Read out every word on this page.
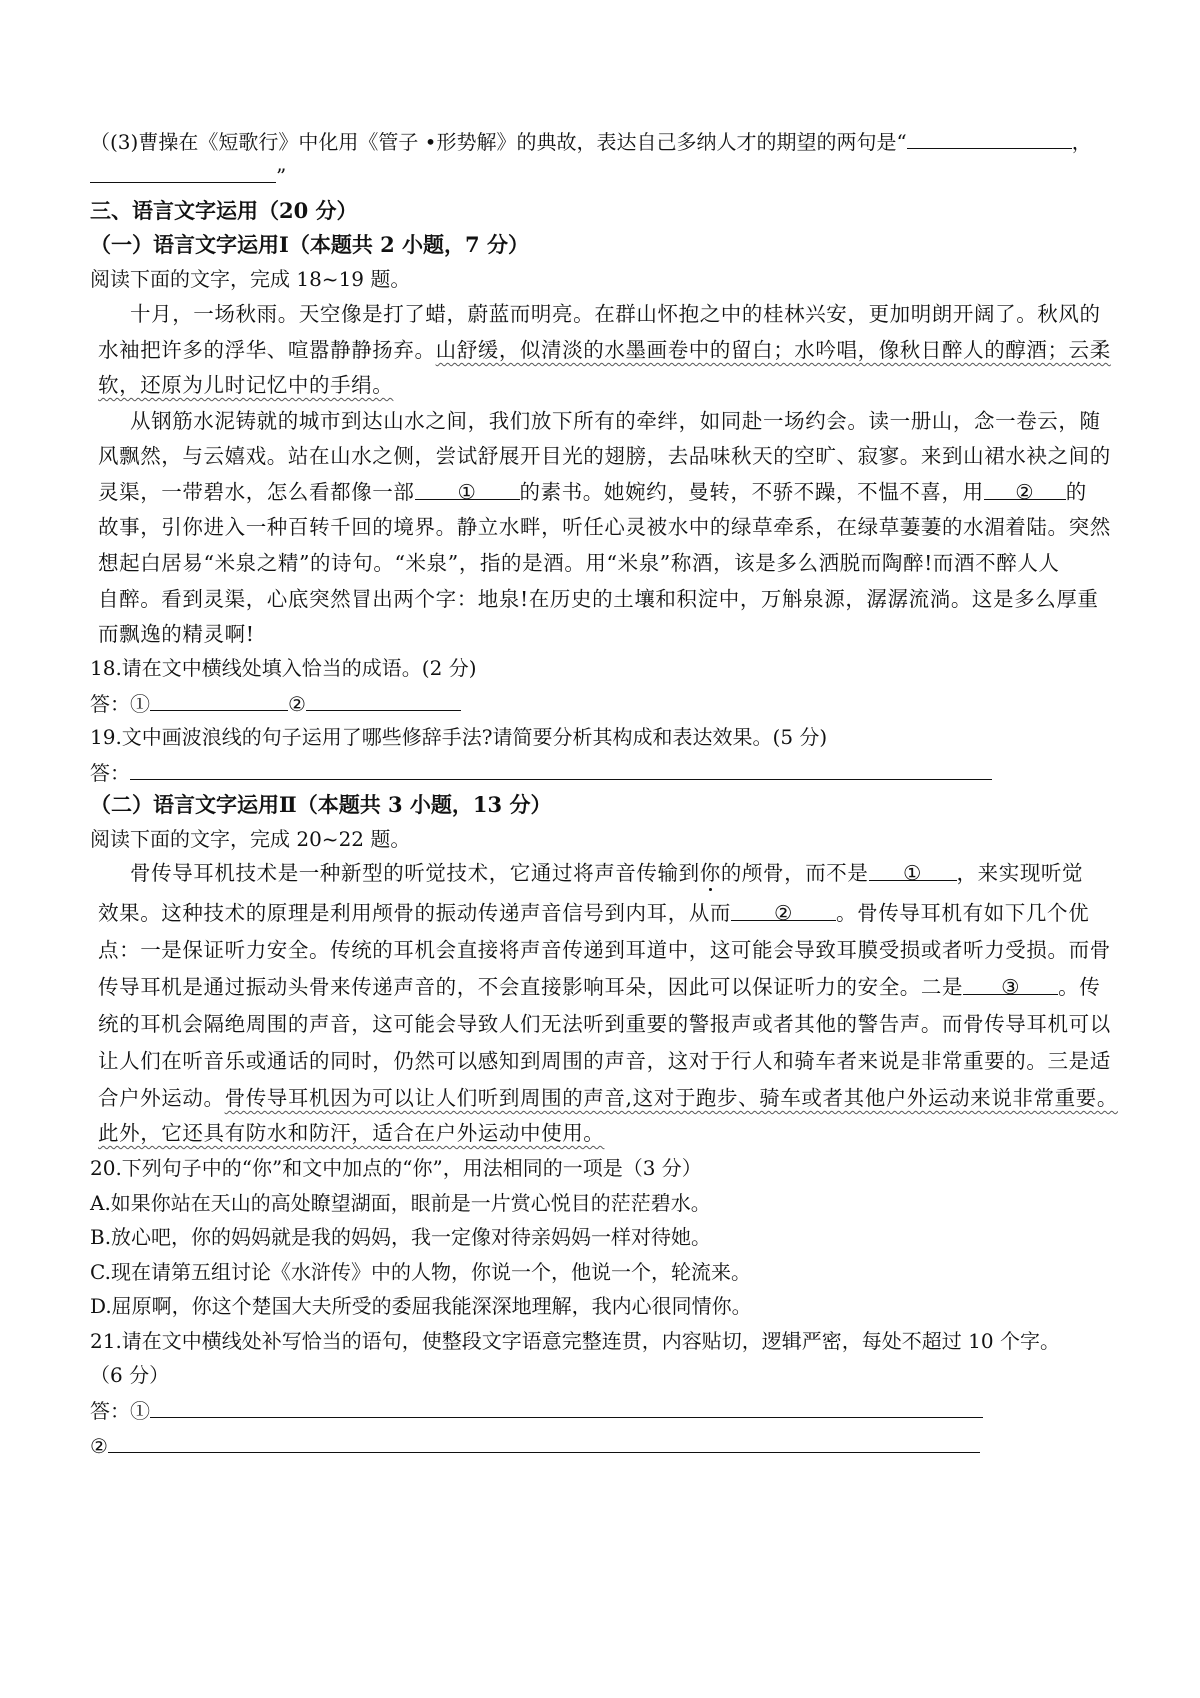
（(3)曹操在《短歌行》中化用《管子 •形势解》的典故，表达自己多纳人才的期望的两句是“	，
”
三、语言文字运用（20 分）
（一）语言文字运用Ⅰ（本题共 2 小题，7 分）
阅读下面的文字，完成 18~19 题。
十月，一场秋雨。天空像是打了蜡，蔚蓝而明亮。在群山怀抱之中的桂林兴安，更加明朗开阔了。秋风的
水袖把许多的浮华、喧嚣静静扬弃。山舒缓，似清淡的水墨画卷中的留白；水吟唱，像秋日醉人的醇酒；云柔
软，还原为儿时记忆中的手绢。
从钢筋水泥铸就的城市到达山水之间，我们放下所有的牵绊，如同赴一场约会。读一册山，念一卷云，随
风飘然，与云嬉戏。站在山水之侧，尝试舒展开目光的翅膀，去品味秋天的空旷、寂寥。来到山裙水袂之间的
灵渠，一带碧水，怎么看都像一部 ① 的素书。她婉约，曼转，不骄不躁，不愠不喜，用 ② 的
故事，引你进入一种百转千回的境界。静立水畔，听任心灵被水中的绿草牵系，在绿草萋萋的水湄着陆。突然
想起白居易“米泉之精”的诗句。“米泉”，指的是酒。用“米泉”称酒，该是多么洒脱而陶醉!而酒不醉人人
自醉。看到灵渠，心底突然冒出两个字：地泉!在历史的土壤和积淀中，万斛泉源，潺潺流淌。这是多么厚重
而飘逸的精灵啊!
18.请在文中横线处填入恰当的成语。(2 分)
答：①	②
19.文中画波浪线的句子运用了哪些修辞手法?请简要分析其构成和表达效果。(5 分)
答：
（二）语言文字运用Ⅱ（本题共 3 小题，13 分）
阅读下面的文字，完成 20~22 题。
骨传导耳机技术是一种新型的听觉技术，它通过将声音传输到你的颅骨，而不是 ① ，来实现听觉
效果。这种技术的原理是利用颅骨的振动传递声音信号到内耳，从而 ② 。骨传导耳机有如下几个优
点：一是保证听力安全。传统的耳机会直接将声音传递到耳道中，这可能会导致耳膜受损或者听力受损。而骨
传导耳机是通过振动头骨来传递声音的，不会直接影响耳朵，因此可以保证听力的安全。二是 ③ 。传
统的耳机会隔绝周围的声音，这可能会导致人们无法听到重要的警报声或者其他的警告声。而骨传导耳机可以
让人们在听音乐或通话的同时，仍然可以感知到周围的声音，这对于行人和骑车者来说是非常重要的。三是适
合户外运动。骨传导耳机因为可以让人们听到周围的声音,这对于跑步、骑车或者其他户外运动来说非常重要。
此外，它还具有防水和防汗，适合在户外运动中使用。
20.下列句子中的“你”和文中加点的“你”，用法相同的一项是（3 分）
A.如果你站在天山的高处瞭望湖面，眼前是一片赏心悦目的茫茫碧水。
B.放心吧，你的妈妈就是我的妈妈，我一定像对待亲妈妈一样对待她。
C.现在请第五组讨论《水浒传》中的人物，你说一个，他说一个，轮流来。
D.屈原啊，你这个楚国大夫所受的委屈我能深深地理解，我内心很同情你。
21.请在文中横线处补写恰当的语句，使整段文字语意完整连贯，内容贴切，逻辑严密，每处不超过 10 个字。
（6 分）
答：①
②
